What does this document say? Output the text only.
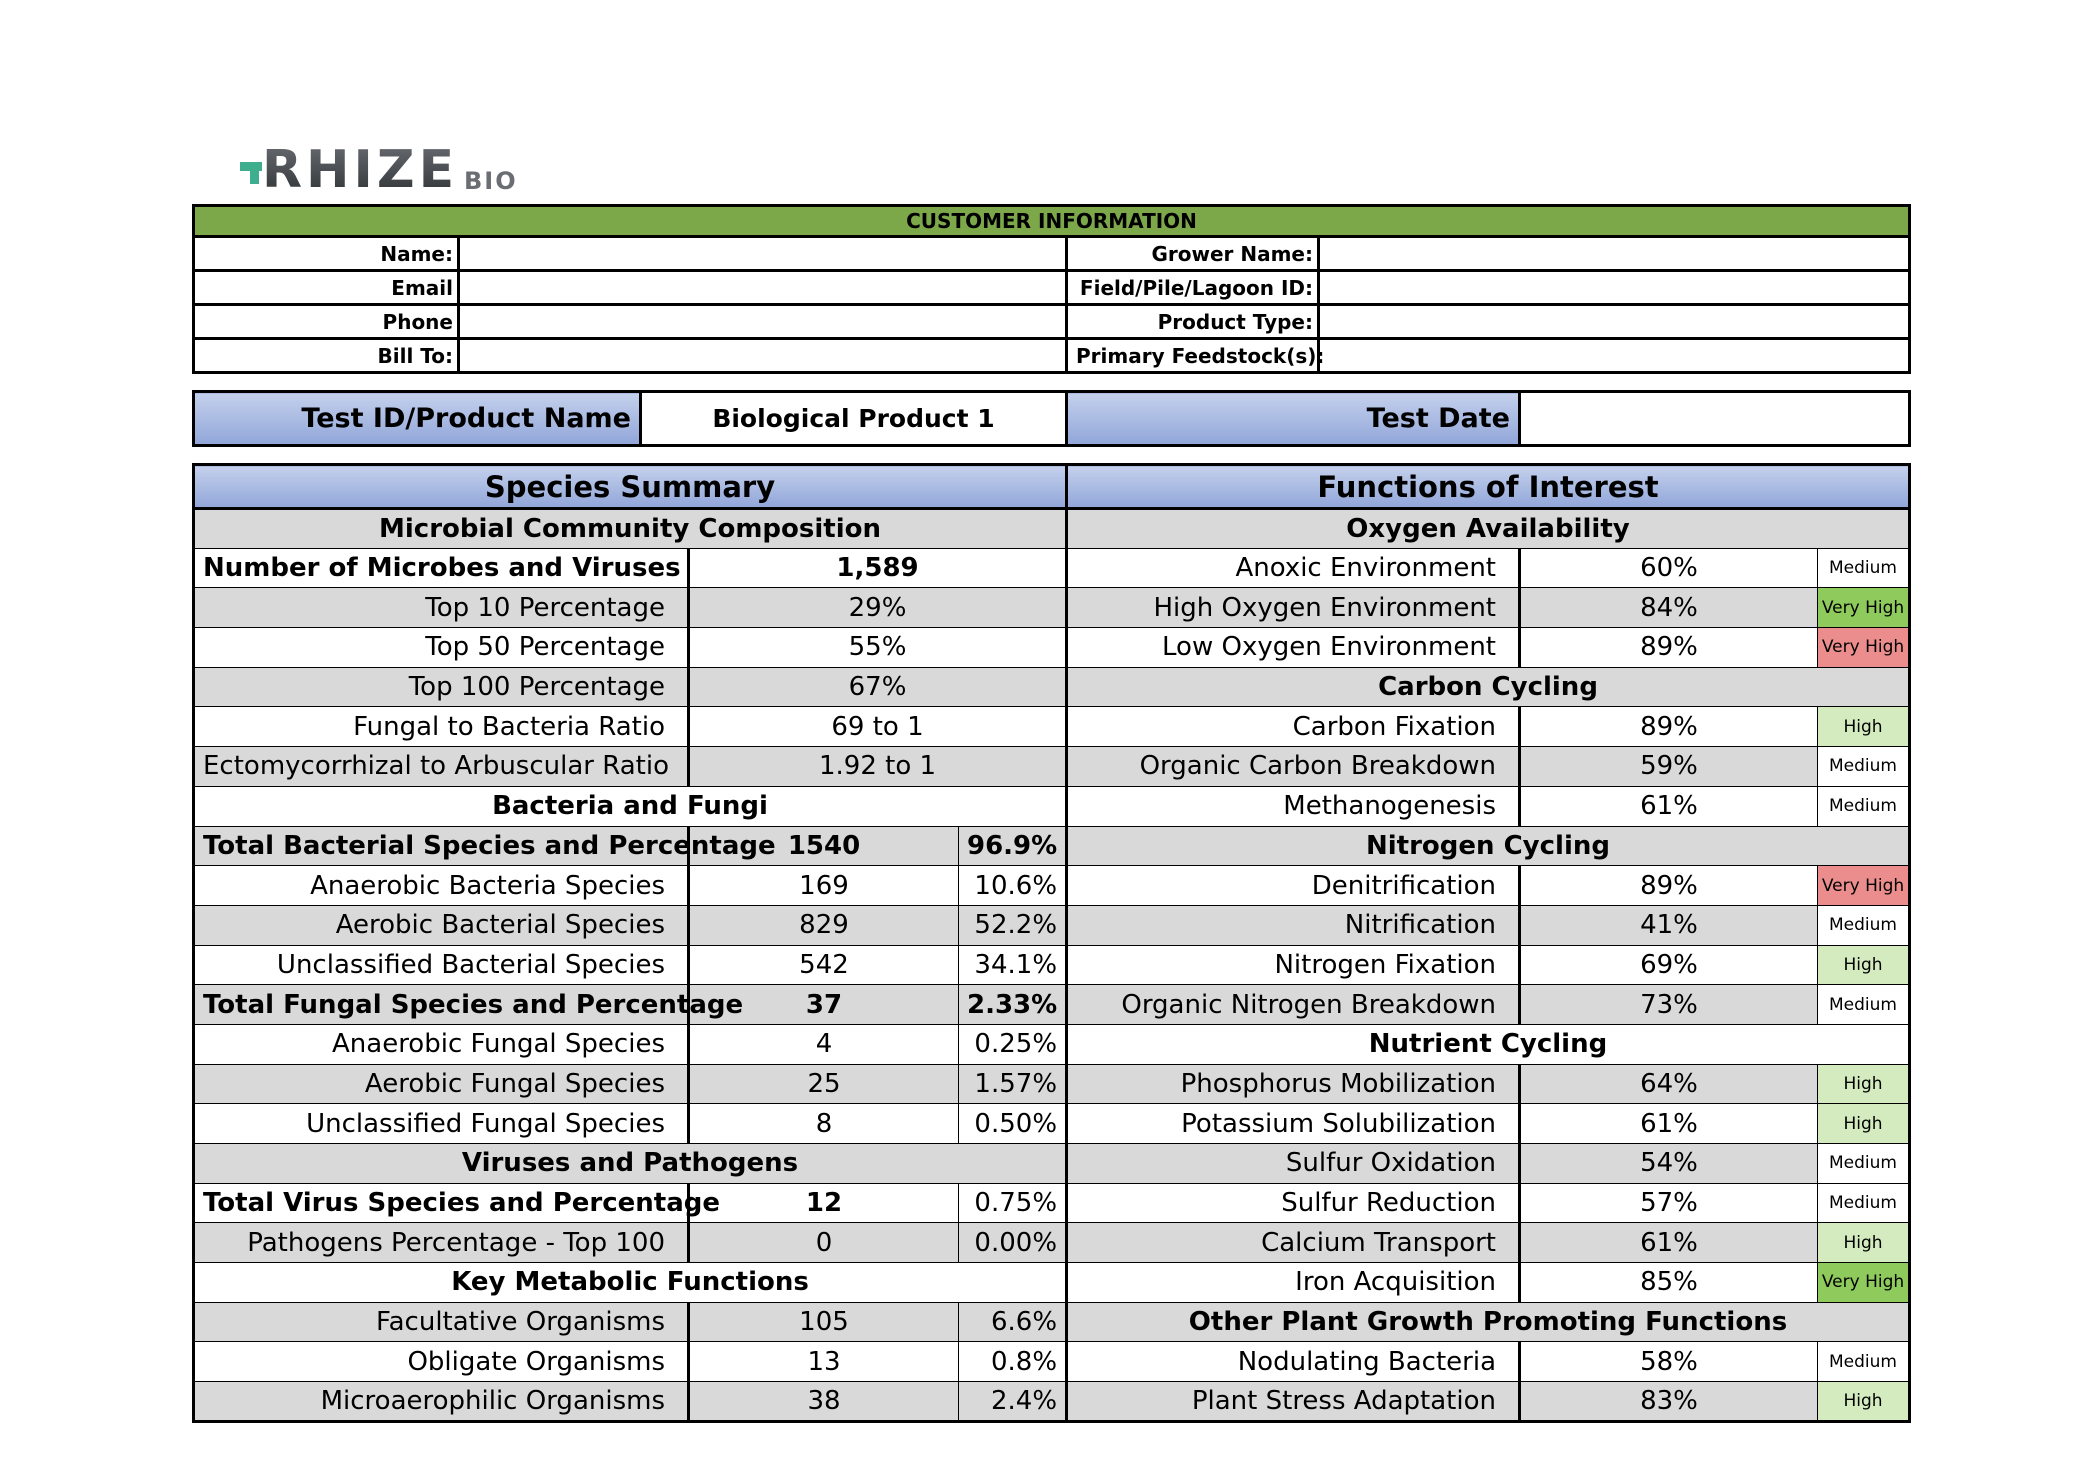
RHIZE BIO
CUSTOMER INFORMATION			
Name:		Grower Name:	
Email		Field/Pile/Lagoon ID:	
Phone		Product Type:	
Bill To:		Primary Feedstock(s):	
Test ID/Product Name	Biological Product 1	Test Date	
Species Summary		
Microbial Community Composition		
Number of Microbes and Viruses	1,589	
Top 10 Percentage	29%	
Top 50 Percentage	55%	
Top 100 Percentage	67%	
Fungal to Bacteria Ratio	69 to 1	
Ectomycorrhizal to Arbuscular Ratio	1.92 to 1	
Bacteria and Fungi		
Total Bacterial Species and Percentage	1540	96.9%
Anaerobic Bacteria Species	169	10.6%
Aerobic Bacterial Species	829	52.2%
Unclassified Bacterial Species	542	34.1%
Total Fungal Species and Percentage	37	2.33%
Anaerobic Fungal Species	4	0.25%
Aerobic Fungal Species	25	1.57%
Unclassified Fungal Species	8	0.50%
Viruses and Pathogens		
Total Virus Species and Percentage	12	0.75%
Pathogens Percentage - Top 100	0	0.00%
Key Metabolic Functions		
Facultative Organisms	105	6.6%
Obligate Organisms	13	0.8%
Microaerophilic Organisms	38	2.4%
Functions of Interest		
Oxygen Availability		
Anoxic Environment	60%	Medium
High Oxygen Environment	84%	Very High
Low Oxygen Environment	89%	Very High
Carbon Cycling		
Carbon Fixation	89%	High
Organic Carbon Breakdown	59%	Medium
Methanogenesis	61%	Medium
Nitrogen Cycling		
Denitrification	89%	Very High
Nitrification	41%	Medium
Nitrogen Fixation	69%	High
Organic Nitrogen Breakdown	73%	Medium
Nutrient Cycling		
Phosphorus Mobilization	64%	High
Potassium Solubilization	61%	High
Sulfur Oxidation	54%	Medium
Sulfur Reduction	57%	Medium
Calcium Transport	61%	High
Iron Acquisition	85%	Very High
Other Plant Growth Promoting Functions		
Nodulating Bacteria	58%	Medium
Plant Stress Adaptation	83%	High
